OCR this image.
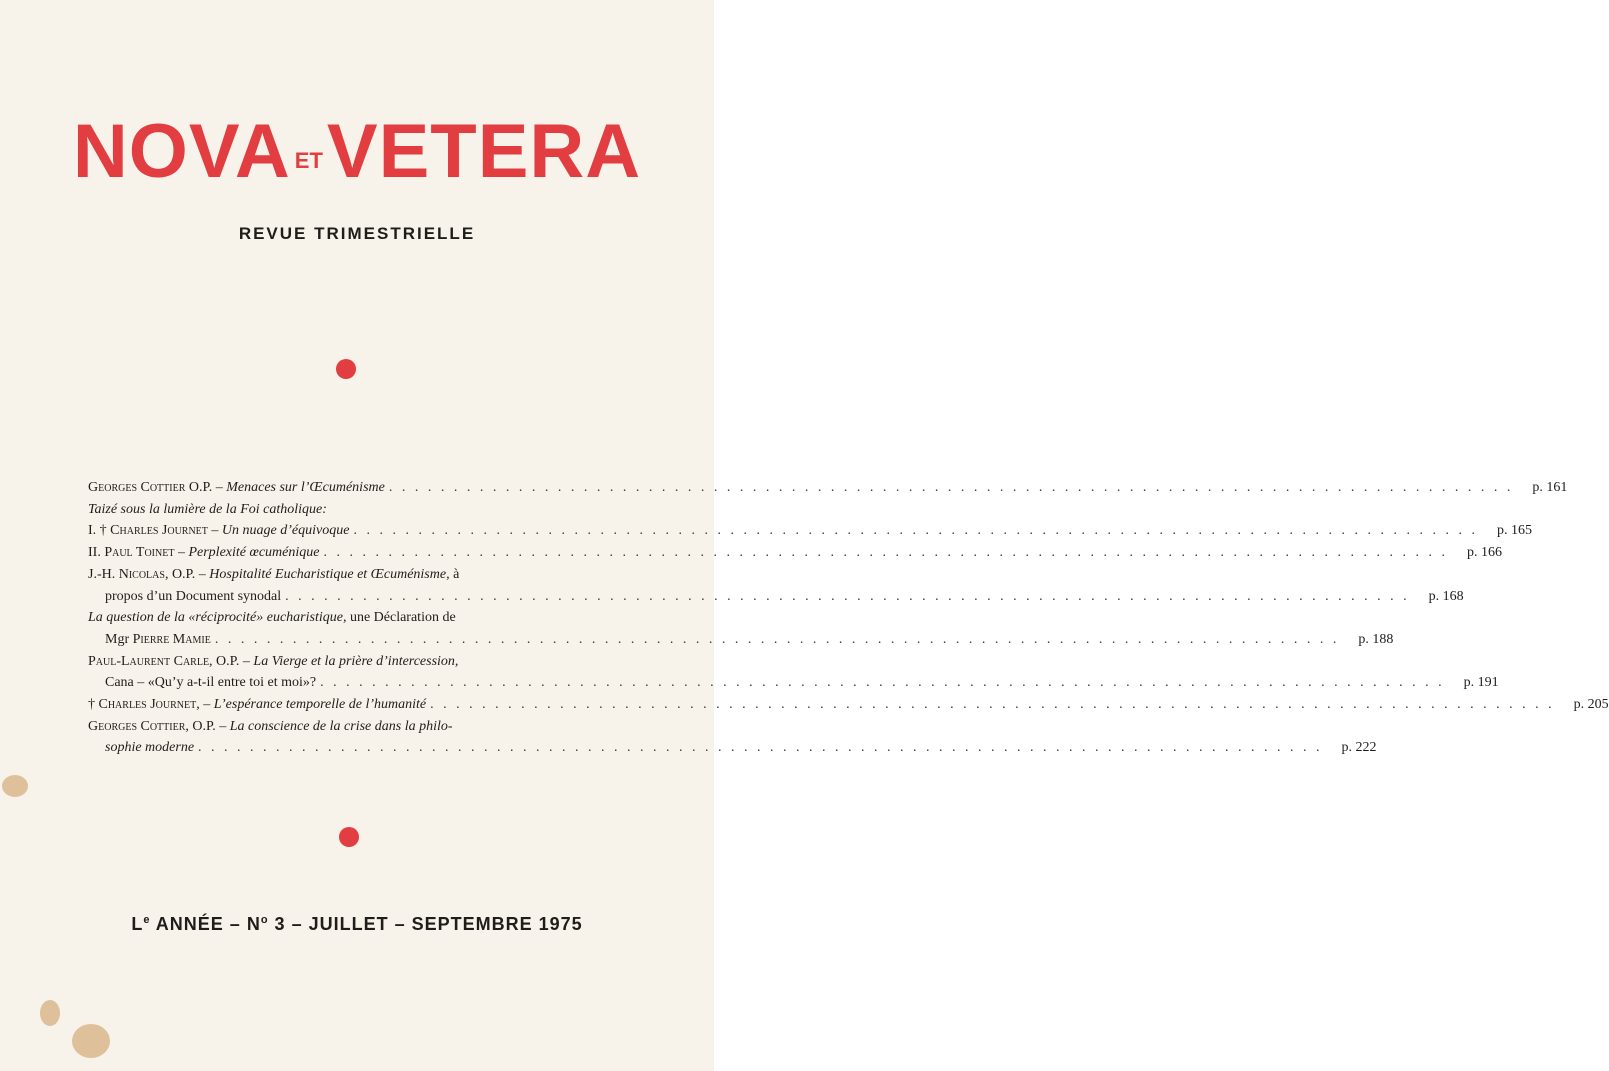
NOVA ETVETERA
REVUE TRIMESTRIELLE
Georges Cottier O.P. – Menaces sur l’Œcuménisme . . . . . . . . . . . . . . . . . . . . . . . . . . . . . . . . . . . . . . . . . . . . . . . . . . . . . . . . . . . . . . . . . . . . . . . . . . . . . . . . . . . . . . .	p. 161
Taizé sous la lumière de la Foi catholique:
I. † Charles Journet – Un nuage d’équivoque . . . . . . . . . . . . . . . . . . . . . . . . . . . . . . . . . . . . . . . . . . . . . . . . . . . . . . . . . . . . . . . . . . . . . . . . . . . . . . . . . . . . . . .	p. 165
II. Paul Toinet – Perplexité œcuménique . . . . . . . . . . . . . . . . . . . . . . . . . . . . . . . . . . . . . . . . . . . . . . . . . . . . . . . . . . . . . . . . . . . . . . . . . . . . . . . . . . . . . . .	p. 166
J.-H. Nicolas, O.P. – Hospitalité Eucharistique et Œcuménisme, à
propos d’un Document synodal . . . . . . . . . . . . . . . . . . . . . . . . . . . . . . . . . . . . . . . . . . . . . . . . . . . . . . . . . . . . . . . . . . . . . . . . . . . . . . . . . . . . . . .	p. 168
La question de la «réciprocité» eucharistique, une Déclaration de
Mgr Pierre Mamie . . . . . . . . . . . . . . . . . . . . . . . . . . . . . . . . . . . . . . . . . . . . . . . . . . . . . . . . . . . . . . . . . . . . . . . . . . . . . . . . . . . . . . .	p. 188
Paul-Laurent Carle, O.P. – La Vierge et la prière d’intercession,
Cana – «Qu’y a-t-il entre toi et moi»? . . . . . . . . . . . . . . . . . . . . . . . . . . . . . . . . . . . . . . . . . . . . . . . . . . . . . . . . . . . . . . . . . . . . . . . . . . . . . . . . . . . . . . .	p. 191
† Charles Journet, – L’espérance temporelle de l’humanité . . . . . . . . . . . . . . . . . . . . . . . . . . . . . . . . . . . . . . . . . . . . . . . . . . . . . . . . . . . . . . . . . . . . . . . . . . . . . . . . . . . . . . .	p. 205
Georges Cottier, O.P. – La conscience de la crise dans la philo-
sophie moderne . . . . . . . . . . . . . . . . . . . . . . . . . . . . . . . . . . . . . . . . . . . . . . . . . . . . . . . . . . . . . . . . . . . . . . . . . . . . . . . . . . . . . . .	p. 222
Le ANNÉE – $N^o$ 3 – JUILLET – SEPTEMBRE 1975
